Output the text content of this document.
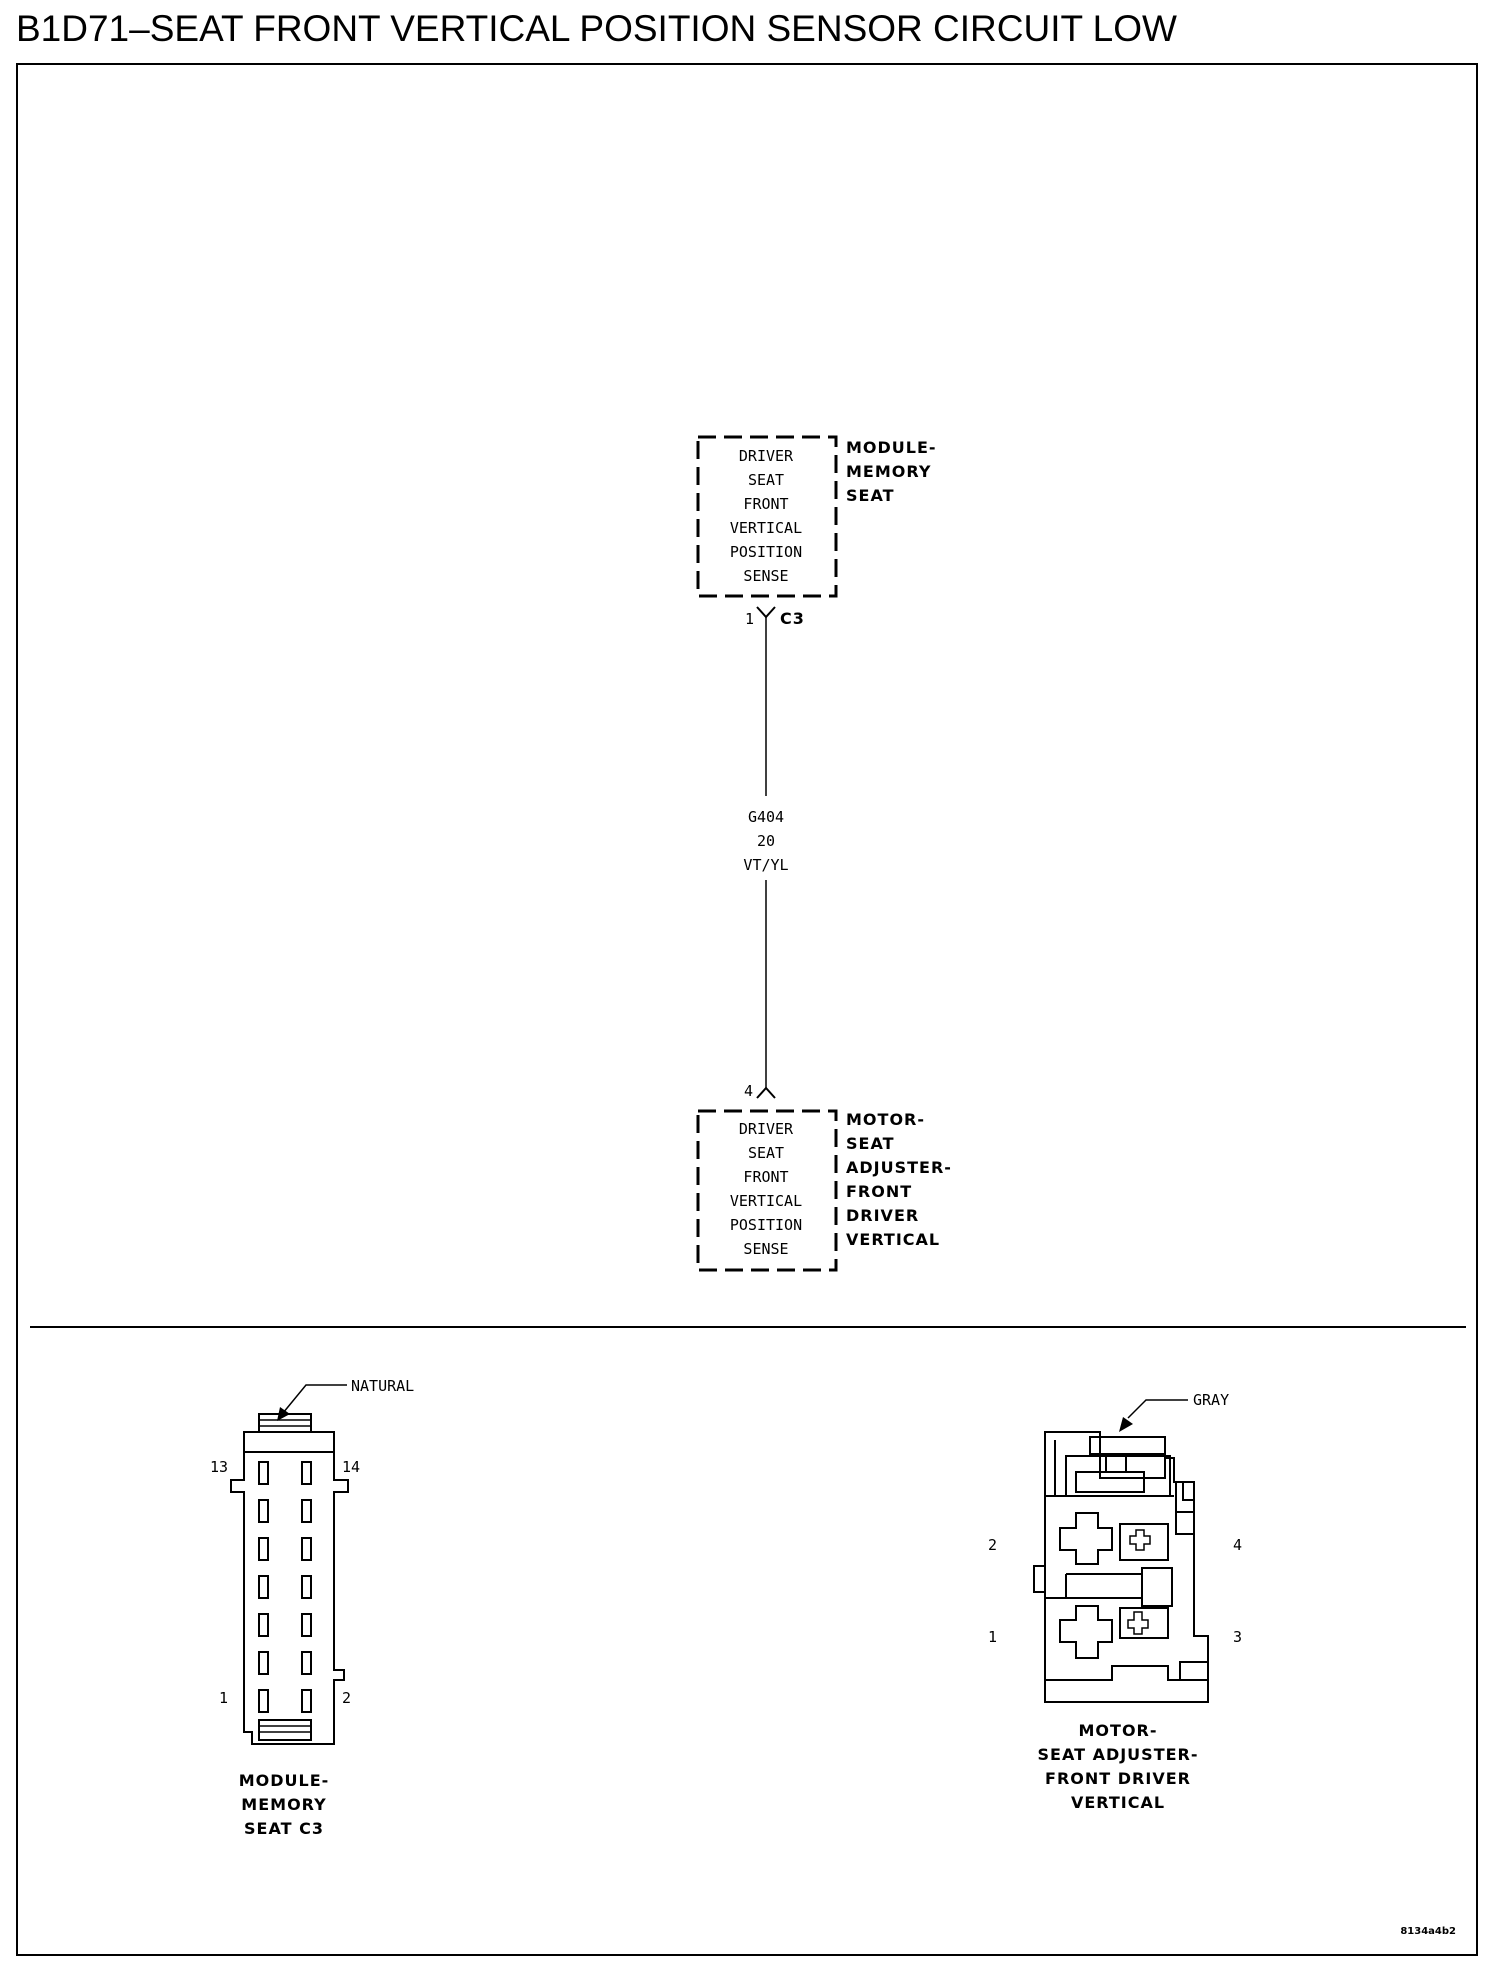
B1D71–SEAT FRONT VERTICAL POSITION SENSOR CIRCUIT LOW
DRIVER
SEAT
FRONT
VERTICAL
POSITION
SENSE
MODULE-
MEMORY
SEAT
1 C3
G404
20
VT/YL
4
DRIVER
SEAT
FRONT
VERTICAL
POSITION
SENSE
MOTOR-
SEAT
ADJUSTER-
FRONT
DRIVER
VERTICAL
NATURAL
13	14
1	2
MODULE-
MEMORY
SEAT C3
GRAY
2	4
1	3
MOTOR-
SEAT ADJUSTER-
FRONT DRIVER
VERTICAL
8134a4b2
